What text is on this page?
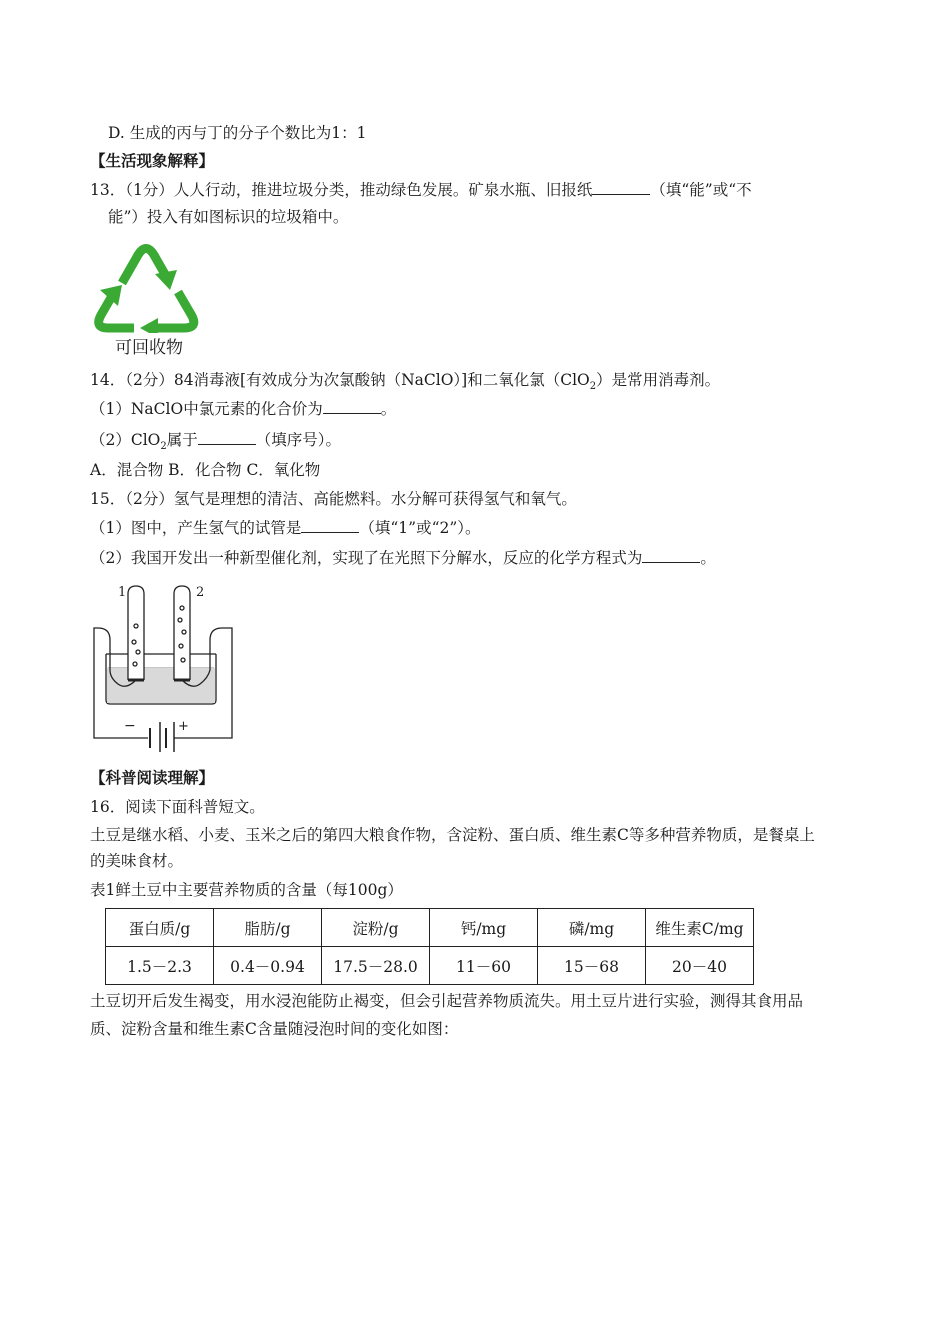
D. 生成的丙与丁的分子个数比为1：1
【生活现象解释】
13．（1分）人人行动，推进垃圾分类，推动绿色发展。矿泉水瓶、旧报纸	（填“能”或“不
能”）投入有如图标识的垃圾箱中。
可回收物
14．（2分）84消毒液[有效成分为次氯酸钠（NaClO）]和二氧化氯（ClO$_2$）是常用消毒剂。
（1）NaClO中氯元素的化合价为	。
（2）ClO$_2$属于	（填序号）。
A．混合物 B．化合物 C．氧化物
15．（2分）氢气是理想的清洁、高能燃料。水分解可获得氢气和氧气。
（1）图中，产生氢气的试管是	（填“1”或“2”）。
（2）我国开发出一种新型催化剂，实现了在光照下分解水，反应的化学方程式为	。
1	2
−	+
【科普阅读理解】
16．阅读下面科普短文。
土豆是继水稻、小麦、玉米之后的第四大粮食作物，含淀粉、蛋白质、维生素C等多种营养物质，是餐桌上
的美味食材。
表1鲜土豆中主要营养物质的含量（每100g）
蛋白质/g	脂肪/g	淀粉/g	钙/mg	磷/mg	维生素C/mg
1.5－2.3	0.4－0.94	17.5－28.0	11－60	15－68	20－40
土豆切开后发生褐变，用水浸泡能防止褐变，但会引起营养物质流失。用土豆片进行实验，测得其食用品
质、淀粉含量和维生素C含量随浸泡时间的变化如图：
